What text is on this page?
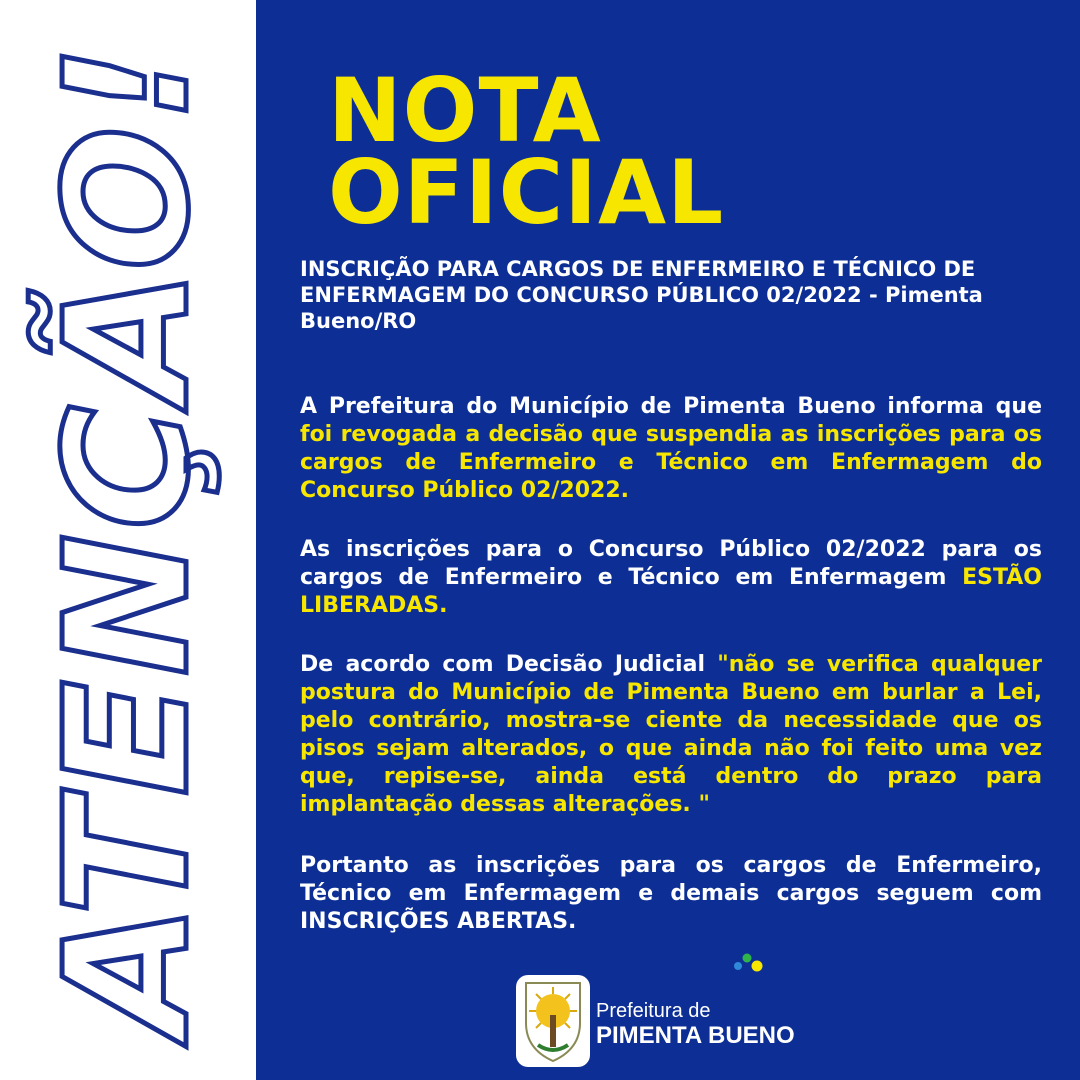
ATENÇÃO! NOTA
OFICIAL
INSCRIÇÃO PARA CARGOS DE ENFERMEIRO E TÉCNICO DE ENFERMAGEM DO CONCURSO PÚBLICO 02/2022 - Pimenta Bueno/RO
A Prefeitura do Município de Pimenta Bueno informa que foi revogada a decisão que suspendia as inscrições para os cargos de Enfermeiro e Técnico em Enfermagem do Concurso Público 02/2022.
As inscrições para o Concurso Público 02/2022 para os cargos de Enfermeiro e Técnico em Enfermagem ESTÃO LIBERADAS.
De acordo com Decisão Judicial "não se verifica qualquer postura do Município de Pimenta Bueno em burlar a Lei, pelo contrário, mostra-se ciente da necessidade que os pisos sejam alterados, o que ainda não foi feito uma vez que, repise-se, ainda está dentro do prazo para implantação dessas alterações. "
Portanto as inscrições para os cargos de Enfermeiro, Técnico em Enfermagem e demais cargos seguem com INSCRIÇÕES ABERTAS.
Prefeitura de
PIMENTA BUENO
